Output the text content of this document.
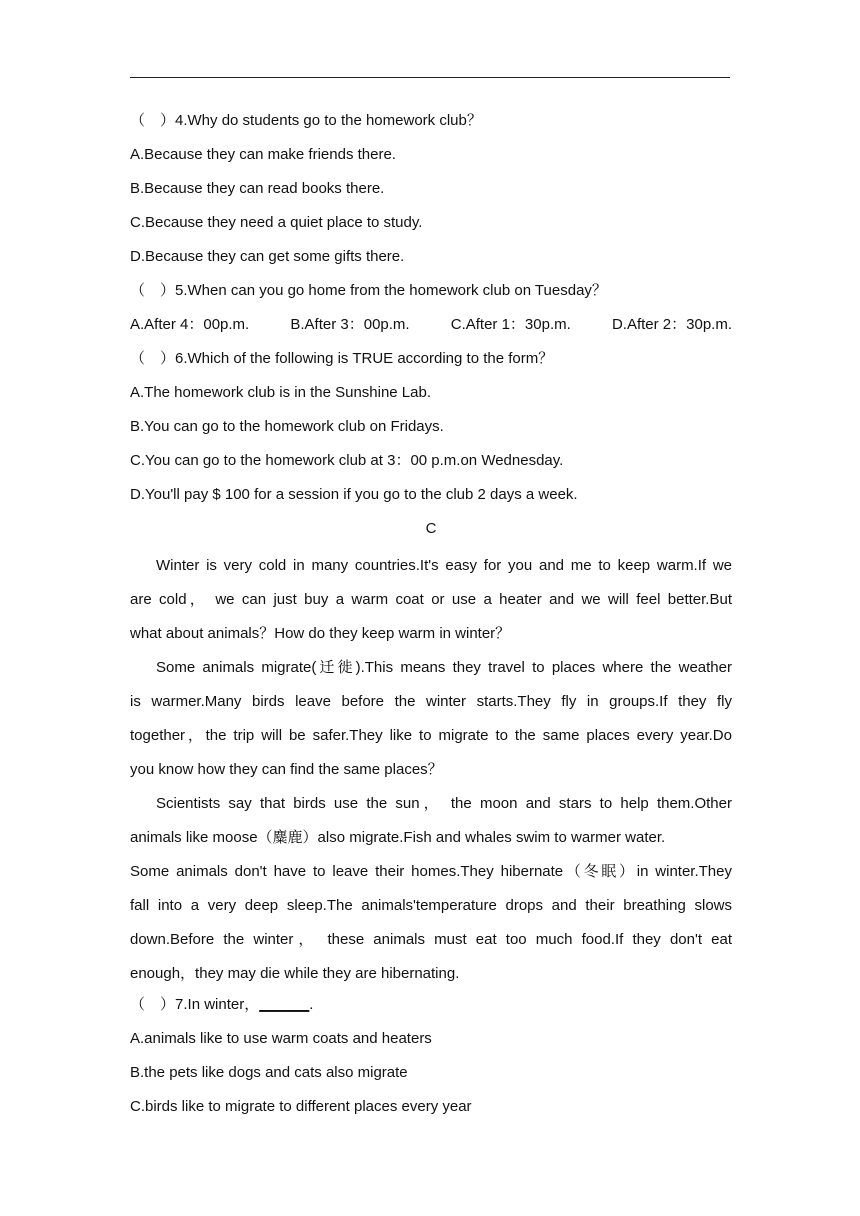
（　）4.Why do students go to the homework club？
A.Because they can make friends there.
B.Because they can read books there.
C.Because they need a quiet place to study.
D.Because they can get some gifts there.
（　）5.When can you go home from the homework club on Tuesday？
A.After 4：00p.m.	B.After 3：00p.m.	C.After 1：30p.m.	D.After 2：30p.m.
（　）6.Which of the following is TRUE according to the form？
A.The homework club is in the Sunshine Lab.
B.You can go to the homework club on Fridays.
C.You can go to the homework club at 3：00 p.m.on Wednesday.
D.You'll pay $ 100 for a session if you go to the club 2 days a week.
C
Winter is very cold in many countries.It's easy for you and me to keep warm.If we
are cold， we can just buy a warm coat or use a heater and we will feel better.But
what about animals？How do they keep warm in winter？
Some animals migrate(迁徙).This means they travel to places where the weather
is warmer.Many birds leave before the winter starts.They fly in groups.If they fly
together，the trip will be safer.They like to migrate to the same places every year.Do
you know how they can find the same places？
Scientists say that birds use the sun， the moon and stars to help them.Other
animals like moose（麋鹿）also migrate.Fish and whales swim to warmer water.
Some animals don't have to leave their homes.They hibernate（冬眠）in winter.They
fall into a very deep sleep.The animals'temperature drops and their breathing slows
down.Before the winter， these animals must eat too much food.If they don't eat
enough，they may die while they are hibernating.
（　）7.In winter，______.
A.animals like to use warm coats and heaters
B.the pets like dogs and cats also migrate
C.birds like to migrate to different places every year
